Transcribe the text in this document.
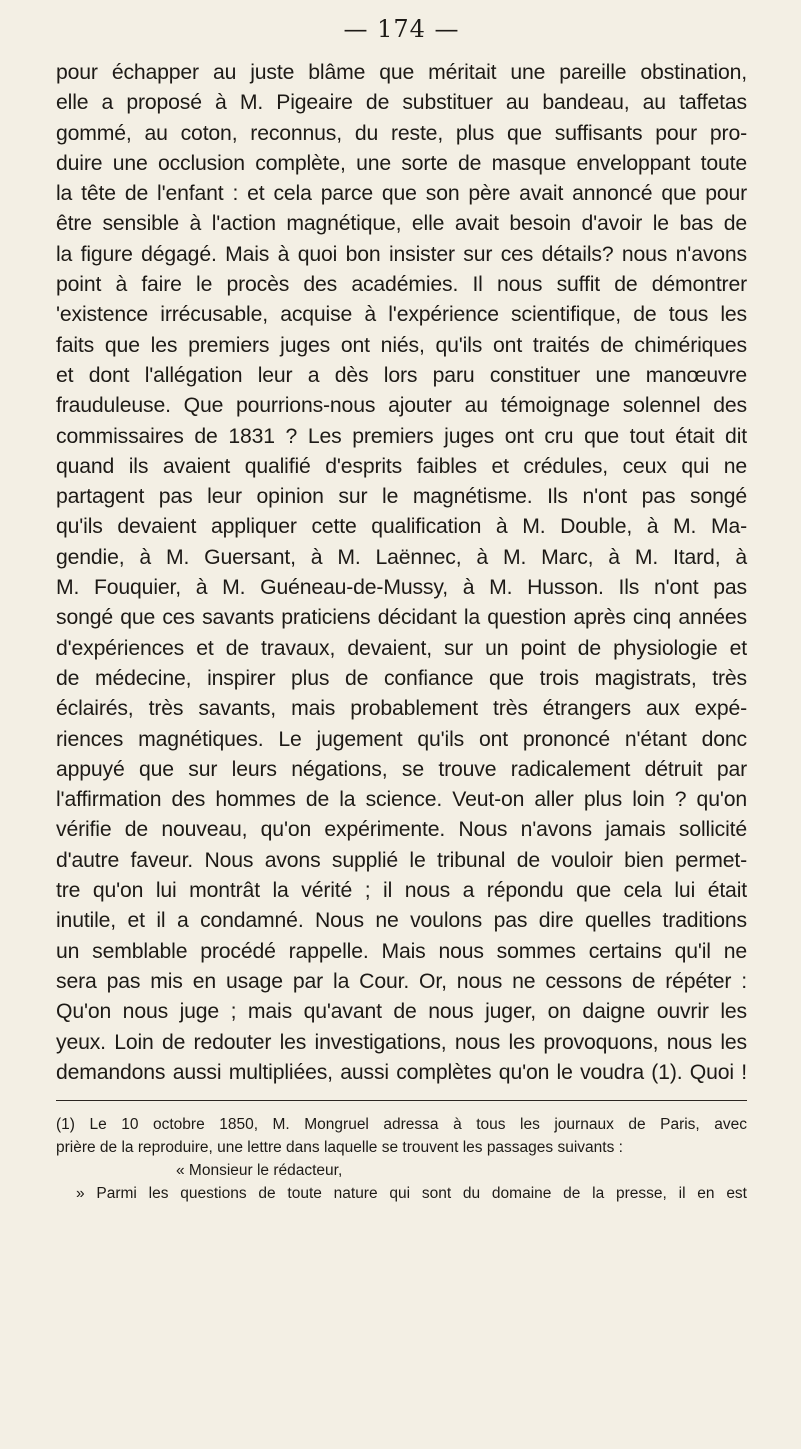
— 174 —
pour échapper au juste blâme que méritait une pareille obstination,
elle a proposé à M. Pigeaire de substituer au bandeau, au taffetas
gommé, au coton, reconnus, du reste, plus que suffisants pour pro-
duire une occlusion complète, une sorte de masque enveloppant toute
la tête de l'enfant : et cela parce que son père avait annoncé que pour
être sensible à l'action magnétique, elle avait besoin d'avoir le bas de
la figure dégagé. Mais à quoi bon insister sur ces détails? nous n'avons
point à faire le procès des académies. Il nous suffit de démontrer
'existence irrécusable, acquise à l'expérience scientifique, de tous les
faits que les premiers juges ont niés, qu'ils ont traités de chimériques
et dont l'allégation leur a dès lors paru constituer une manœuvre
frauduleuse. Que pourrions-nous ajouter au témoignage solennel des
commissaires de 1831 ? Les premiers juges ont cru que tout était dit
quand ils avaient qualifié d'esprits faibles et crédules, ceux qui ne
partagent pas leur opinion sur le magnétisme. Ils n'ont pas songé
qu'ils devaient appliquer cette qualification à M. Double, à M. Ma-
gendie, à M. Guersant, à M. Laënnec, à M. Marc, à M. Itard, à
M. Fouquier, à M. Guéneau-de-Mussy, à M. Husson. Ils n'ont pas
songé que ces savants praticiens décidant la question après cinq années
d'expériences et de travaux, devaient, sur un point de physiologie et
de médecine, inspirer plus de confiance que trois magistrats, très
éclairés, très savants, mais probablement très étrangers aux expé-
riences magnétiques. Le jugement qu'ils ont prononcé n'étant donc
appuyé que sur leurs négations, se trouve radicalement détruit par
l'affirmation des hommes de la science. Veut-on aller plus loin ? qu'on
vérifie de nouveau, qu'on expérimente. Nous n'avons jamais sollicité
d'autre faveur. Nous avons supplié le tribunal de vouloir bien permet-
tre qu'on lui montrât la vérité ; il nous a répondu que cela lui était
inutile, et il a condamné. Nous ne voulons pas dire quelles traditions
un semblable procédé rappelle. Mais nous sommes certains qu'il ne
sera pas mis en usage par la Cour. Or, nous ne cessons de répéter :
Qu'on nous juge ; mais qu'avant de nous juger, on daigne ouvrir les
yeux. Loin de redouter les investigations, nous les provoquons, nous les
demandons aussi multipliées, aussi complètes qu'on le voudra (1). Quoi !
(1) Le 10 octobre 1850, M. Mongruel adressa à tous les journaux de Paris, avec
prière de la reproduire, une lettre dans laquelle se trouvent les passages suivants :
« Monsieur le rédacteur,
» Parmi les questions de toute nature qui sont du domaine de la presse, il en est
